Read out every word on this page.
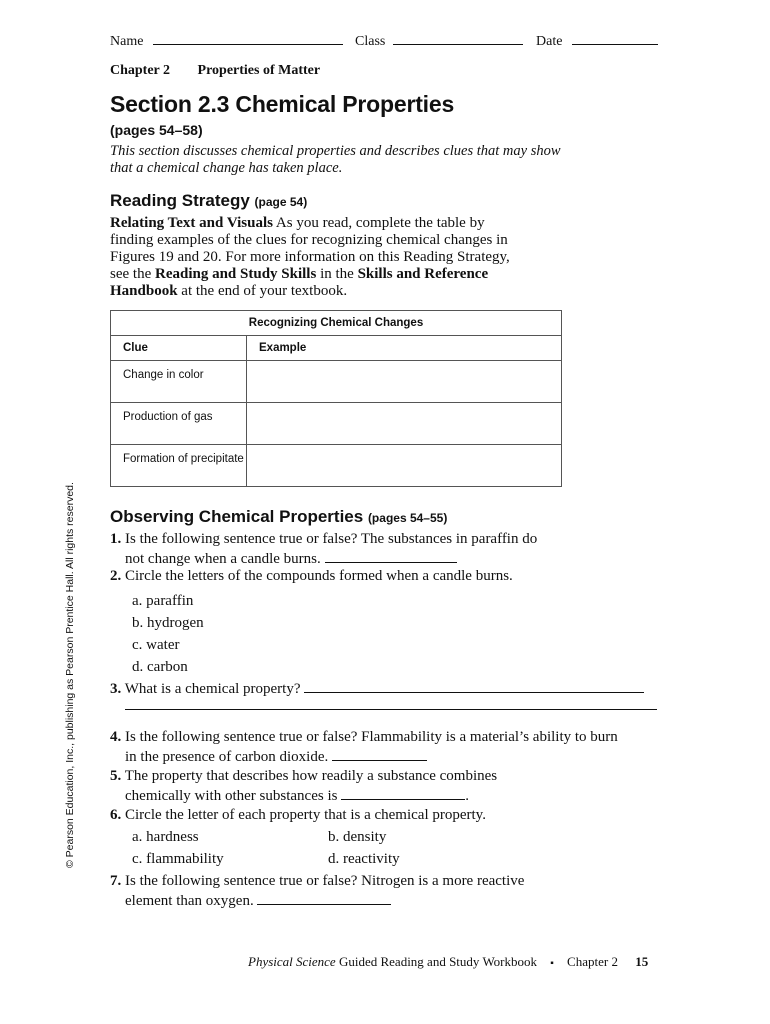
Name	Class	Date
Chapter 2 Properties of Matter
Section 2.3 Chemical Properties
(pages 54–58)
This section discusses chemical properties and describes clues that may show
that a chemical change has taken place.
Reading Strategy (page 54)
Relating Text and Visuals As you read, complete the table by
finding examples of the clues for recognizing chemical changes in
Figures 19 and 20. For more information on this Reading Strategy,
see the Reading and Study Skills in the Skills and Reference
Handbook at the end of your textbook.
Recognizing Chemical Changes	
Clue	Example
Change in color	
Production of gas	
Formation of precipitate	
Observing Chemical Properties (pages 54–55)
1. Is the following sentence true or false? The substances in paraffin do
not change when a candle burns.
2. Circle the letters of the compounds formed when a candle burns.
a. paraffin
b. hydrogen
c. water
d. carbon
3. What is a chemical property?
4. Is the following sentence true or false? Flammability is a material’s ability to burn
in the presence of carbon dioxide.
5. The property that describes how readily a substance combines
chemically with other substances is	.
6. Circle the letter of each property that is a chemical property.
a. hardness	b. density
c. flammability	d. reactivity
7. Is the following sentence true or false? Nitrogen is a more reactive
element than oxygen.
© Pearson Education, Inc., publishing as Pearson Prentice Hall. All rights reserved.
Physical Science Guided Reading and Study Workbook ▪ Chapter 2 15
